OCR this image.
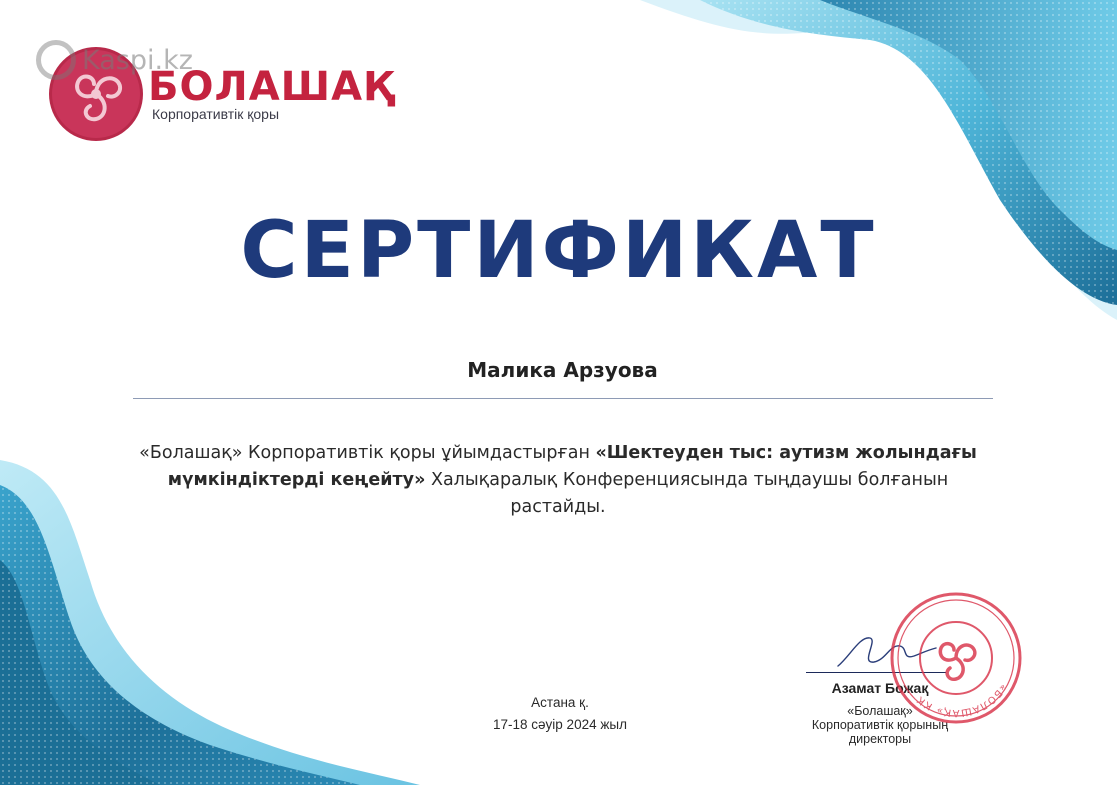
БОЛАШАҚ
Корпоративтік қоры
Kaspi.kz
СЕРТИФИКАТ
Малика Арзуова
«Болашақ» Корпоративтік қоры ұйымдастырған «Шектеуден тыс: аутизм жолындағы мүмкіндіктерді кеңейту» Халықаралық Конференциясында тыңдаушы болғанын растайды.
Астана қ.
17-18 сәуір 2024 жыл
Азамат Божақ
«Болашақ»
Корпоративтік қорының
директоры
«БОЛАШАҚ» КК
